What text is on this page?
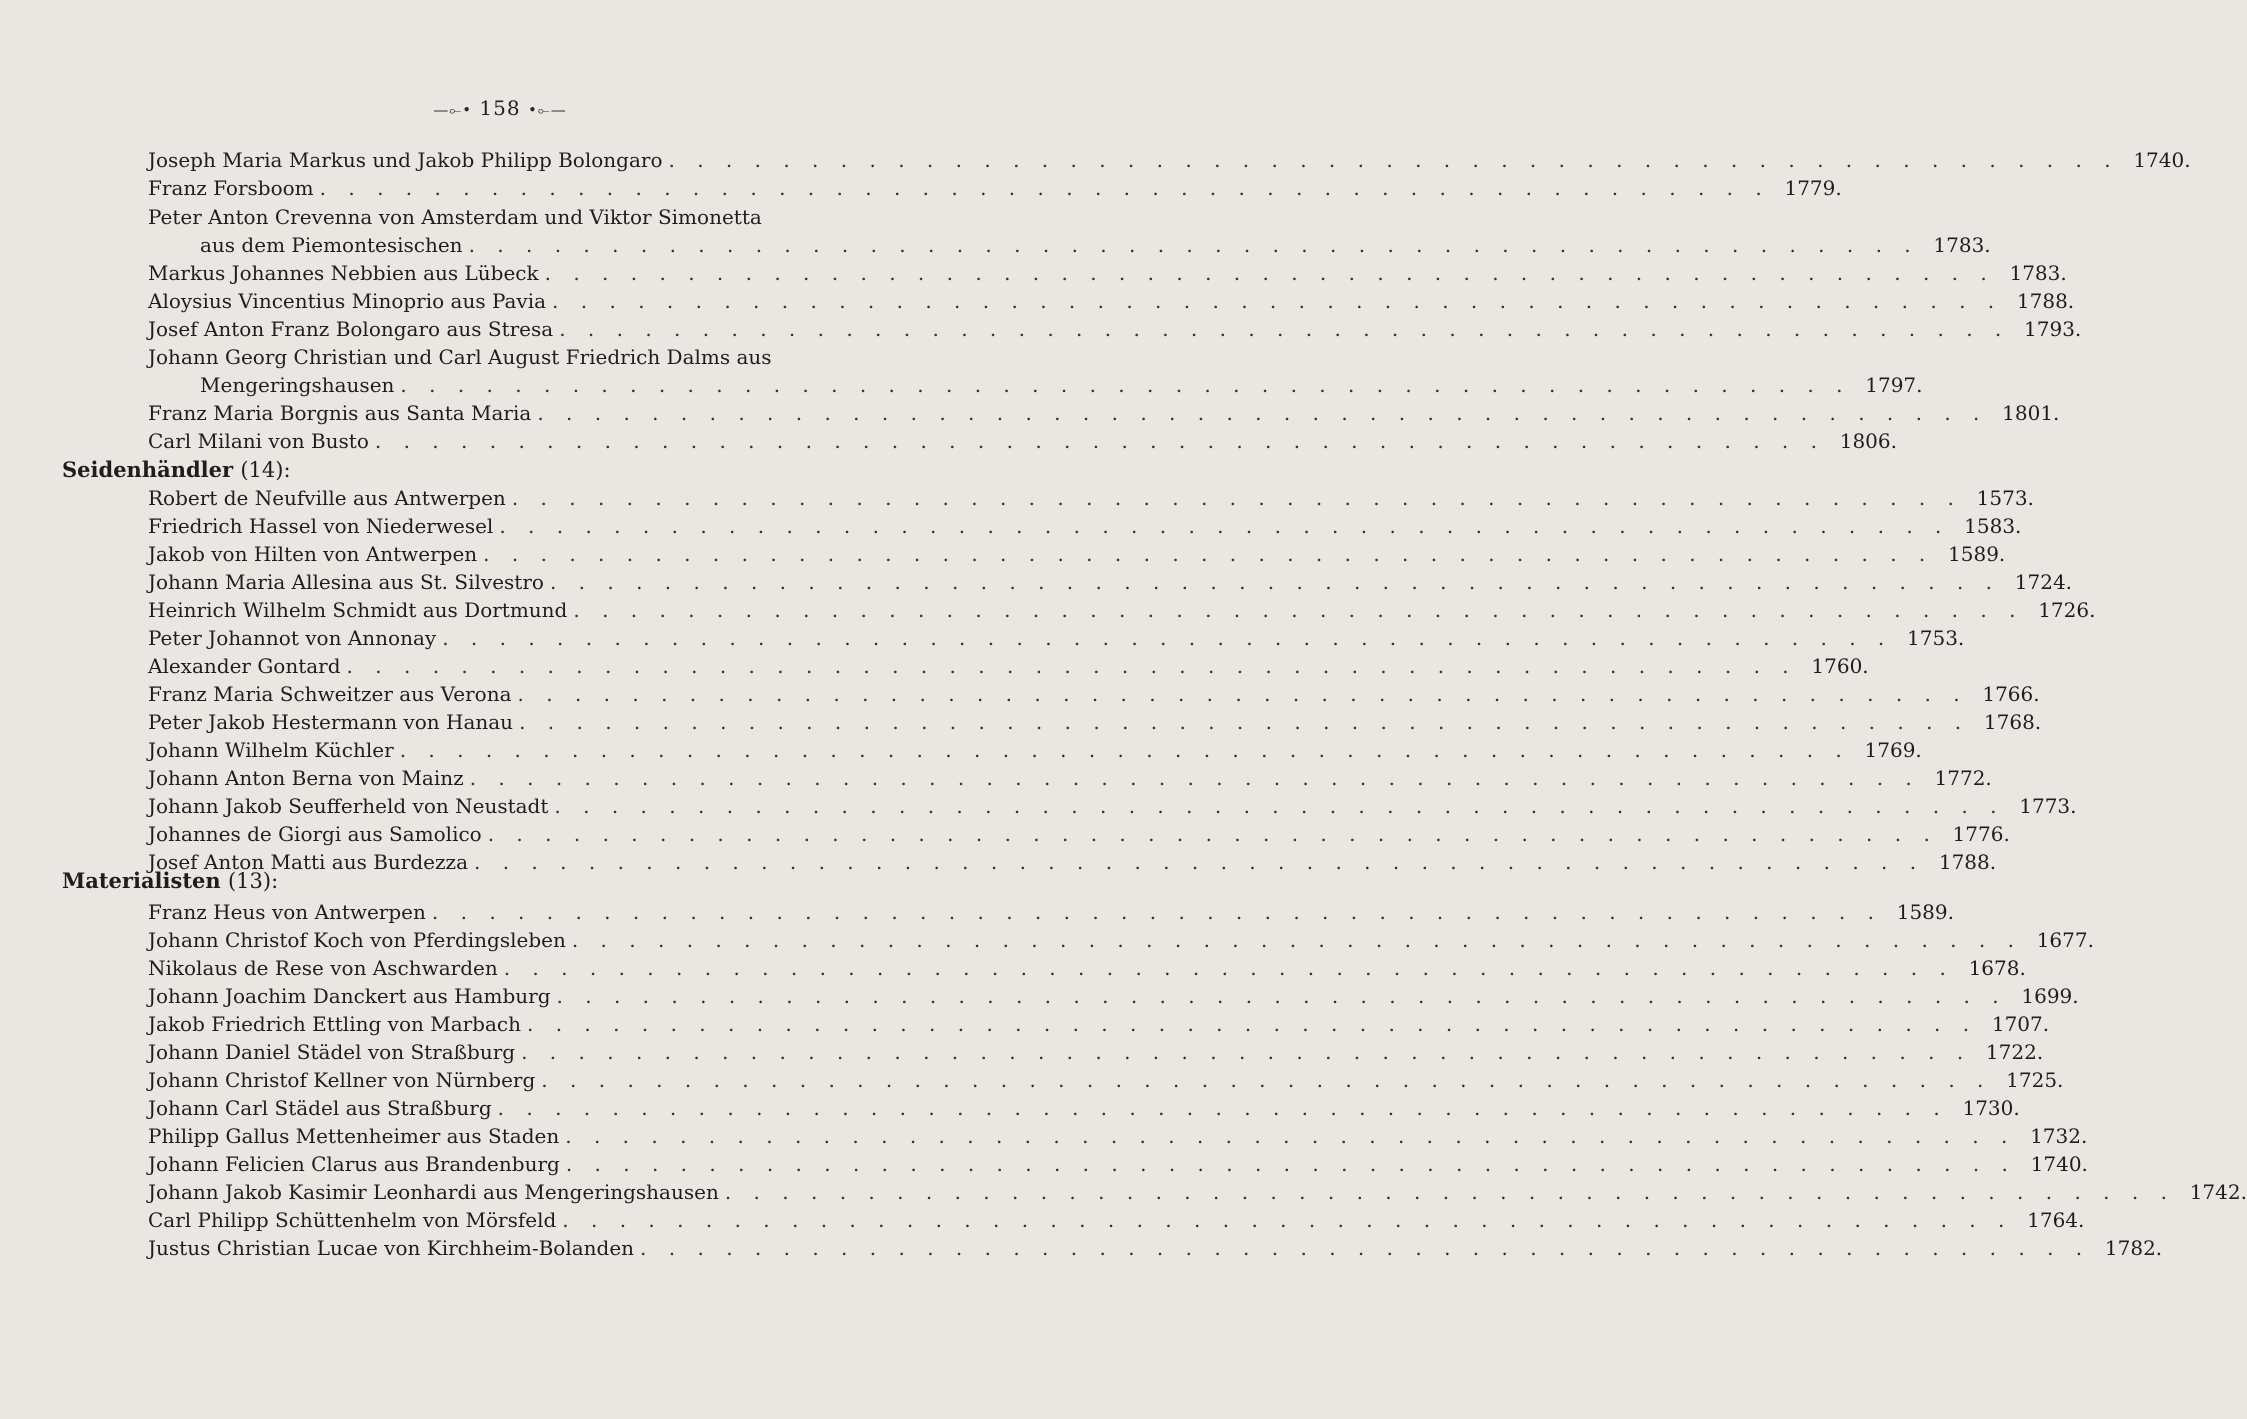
—⟜• 158 •⟜—
Joseph Maria Markus und Jakob Philipp Bolongaro . . . . . . . . . . . . . . . . . . . . . . . . . . . . . . . . . . . . . . . . . . . . . . . . . . . 1740.
Franz Forsboom . . . . . . . . . . . . . . . . . . . . . . . . . . . . . . . . . . . . . . . . . . . . . . . . . . . 1779.
Peter Anton Crevenna von Amsterdam und Viktor Simonetta
aus dem Piemontesischen . . . . . . . . . . . . . . . . . . . . . . . . . . . . . . . . . . . . . . . . . . . . . . . . . . . 1783.
Markus Johannes Nebbien aus Lübeck . . . . . . . . . . . . . . . . . . . . . . . . . . . . . . . . . . . . . . . . . . . . . . . . . . . 1783.
Aloysius Vincentius Minoprio aus Pavia . . . . . . . . . . . . . . . . . . . . . . . . . . . . . . . . . . . . . . . . . . . . . . . . . . . 1788.
Josef Anton Franz Bolongaro aus Stresa . . . . . . . . . . . . . . . . . . . . . . . . . . . . . . . . . . . . . . . . . . . . . . . . . . . 1793.
Johann Georg Christian und Carl August Friedrich Dalms aus
Mengeringshausen . . . . . . . . . . . . . . . . . . . . . . . . . . . . . . . . . . . . . . . . . . . . . . . . . . . 1797.
Franz Maria Borgnis aus Santa Maria . . . . . . . . . . . . . . . . . . . . . . . . . . . . . . . . . . . . . . . . . . . . . . . . . . . 1801.
Carl Milani von Busto . . . . . . . . . . . . . . . . . . . . . . . . . . . . . . . . . . . . . . . . . . . . . . . . . . . 1806.
Seidenhändler (14):
Robert de Neufville aus Antwerpen . . . . . . . . . . . . . . . . . . . . . . . . . . . . . . . . . . . . . . . . . . . . . . . . . . . 1573.
Friedrich Hassel von Niederwesel . . . . . . . . . . . . . . . . . . . . . . . . . . . . . . . . . . . . . . . . . . . . . . . . . . . 1583.
Jakob von Hilten von Antwerpen . . . . . . . . . . . . . . . . . . . . . . . . . . . . . . . . . . . . . . . . . . . . . . . . . . . 1589.
Johann Maria Allesina aus St. Silvestro . . . . . . . . . . . . . . . . . . . . . . . . . . . . . . . . . . . . . . . . . . . . . . . . . . . 1724.
Heinrich Wilhelm Schmidt aus Dortmund . . . . . . . . . . . . . . . . . . . . . . . . . . . . . . . . . . . . . . . . . . . . . . . . . . . 1726.
Peter Johannot von Annonay . . . . . . . . . . . . . . . . . . . . . . . . . . . . . . . . . . . . . . . . . . . . . . . . . . . 1753.
Alexander Gontard . . . . . . . . . . . . . . . . . . . . . . . . . . . . . . . . . . . . . . . . . . . . . . . . . . . 1760.
Franz Maria Schweitzer aus Verona . . . . . . . . . . . . . . . . . . . . . . . . . . . . . . . . . . . . . . . . . . . . . . . . . . . 1766.
Peter Jakob Hestermann von Hanau . . . . . . . . . . . . . . . . . . . . . . . . . . . . . . . . . . . . . . . . . . . . . . . . . . . 1768.
Johann Wilhelm Küchler . . . . . . . . . . . . . . . . . . . . . . . . . . . . . . . . . . . . . . . . . . . . . . . . . . . 1769.
Johann Anton Berna von Mainz . . . . . . . . . . . . . . . . . . . . . . . . . . . . . . . . . . . . . . . . . . . . . . . . . . . 1772.
Johann Jakob Seufferheld von Neustadt . . . . . . . . . . . . . . . . . . . . . . . . . . . . . . . . . . . . . . . . . . . . . . . . . . . 1773.
Johannes de Giorgi aus Samolico . . . . . . . . . . . . . . . . . . . . . . . . . . . . . . . . . . . . . . . . . . . . . . . . . . . 1776.
Josef Anton Matti aus Burdezza . . . . . . . . . . . . . . . . . . . . . . . . . . . . . . . . . . . . . . . . . . . . . . . . . . . 1788.
Materialisten (13):
Franz Heus von Antwerpen . . . . . . . . . . . . . . . . . . . . . . . . . . . . . . . . . . . . . . . . . . . . . . . . . . . 1589.
Johann Christof Koch von Pferdingsleben . . . . . . . . . . . . . . . . . . . . . . . . . . . . . . . . . . . . . . . . . . . . . . . . . . . 1677.
Nikolaus de Rese von Aschwarden . . . . . . . . . . . . . . . . . . . . . . . . . . . . . . . . . . . . . . . . . . . . . . . . . . . 1678.
Johann Joachim Danckert aus Hamburg . . . . . . . . . . . . . . . . . . . . . . . . . . . . . . . . . . . . . . . . . . . . . . . . . . . 1699.
Jakob Friedrich Ettling von Marbach . . . . . . . . . . . . . . . . . . . . . . . . . . . . . . . . . . . . . . . . . . . . . . . . . . . 1707.
Johann Daniel Städel von Straßburg . . . . . . . . . . . . . . . . . . . . . . . . . . . . . . . . . . . . . . . . . . . . . . . . . . . 1722.
Johann Christof Kellner von Nürnberg . . . . . . . . . . . . . . . . . . . . . . . . . . . . . . . . . . . . . . . . . . . . . . . . . . . 1725.
Johann Carl Städel aus Straßburg . . . . . . . . . . . . . . . . . . . . . . . . . . . . . . . . . . . . . . . . . . . . . . . . . . . 1730.
Philipp Gallus Mettenheimer aus Staden . . . . . . . . . . . . . . . . . . . . . . . . . . . . . . . . . . . . . . . . . . . . . . . . . . . 1732.
Johann Felicien Clarus aus Brandenburg . . . . . . . . . . . . . . . . . . . . . . . . . . . . . . . . . . . . . . . . . . . . . . . . . . . 1740.
Johann Jakob Kasimir Leonhardi aus Mengeringshausen . . . . . . . . . . . . . . . . . . . . . . . . . . . . . . . . . . . . . . . . . . . . . . . . . . . 1742.
Carl Philipp Schüttenhelm von Mörsfeld . . . . . . . . . . . . . . . . . . . . . . . . . . . . . . . . . . . . . . . . . . . . . . . . . . . 1764.
Justus Christian Lucae von Kirchheim-Bolanden . . . . . . . . . . . . . . . . . . . . . . . . . . . . . . . . . . . . . . . . . . . . . . . . . . . 1782.
